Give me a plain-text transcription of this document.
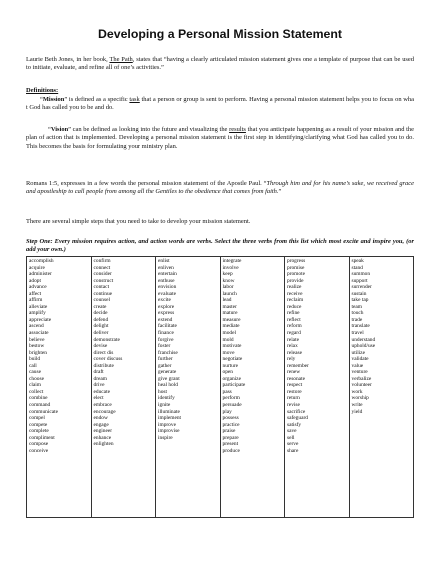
Developing a Personal Mission Statement
Laurie Beth Jones, in her book, The Path, states that “having a clearly articulated mission statement gives one a template of purpose that can be used to initiate, evaluate, and refine all of one’s activities.”
Definitions:
“Mission” is defined as a specific task that a person or group is sent to perform. Having a personal mission statement helps you to focus on wha t God has called you to be and do.
“Vision” can be defined as looking into the future and visualizing the results that you anticipate happening as a result of your mission and the plan of action that is implemented. Developing a personal mission statement is the first step in identifying/clarifying what God has called you to do. This becomes the basis for formulating your ministry plan.
Romans 1:5, expresses in a few words the personal mission statement of the Apostle Paul. “Through him and for his name’s sake, we received grace and apostleship to call people from among all the Gentiles to the obedience that comes from faith.”
There are several simple steps that you need to take to develop your mission statement.
Step One: Every mission requires action, and action words are verbs. Select the three verbs from this list which most excite and inspire you, (or add your own.)
accomplish
acquire
administer
adopt
advance
affect
affirm
alleviate
amplify
appreciate
ascend
associate
believe
bestow
brighten
build
call
cause
choose
claim
collect
combine
command
communicate
compel
compete
complete
compliment
compose
conceive

confirm
connect
consider
construct
contact
continue
counsel
create
decide
defend
delight
deliver
demonstrate
devise
direct dis
cover discuss
distribute
draft
dream
drive
educate
elect
embrace
encourage
endow
engage
engineer
enhance
enlighten

enlist
enliven
entertain
enthuse
envision
evaluate
excite
explore
express
extend
facilitate
finance
forgive
foster
franchise
further
gather
generate
give grant
heal hold
host
identify
ignite
illuminate
implement
improve
improvise
inspire

integrate
involve
keep
know
labor
launch
lead
master
mature
measure
mediate
model
mold
motivate
move
negotiate
nurture
open
organize
participate
pass
perform
persuade
play
possess
practice
praise
prepare
present
produce

progress
promise
promote
provide
realize
receive
reclaim
reduce
refine
reflect
reform
regard
relate
relax
release
rely
remember
renew
resonate
respect
restore
return
revise
sacrifice
safeguard
satisfy
save
sell
serve
share

speak
stand
summon
support
surrender
sustain
take tap
team
touch
trade
translate
travel
understand
uphold/use
utilize
validate
value
venture
verbalize
volunteer
work
worship
write
yield
